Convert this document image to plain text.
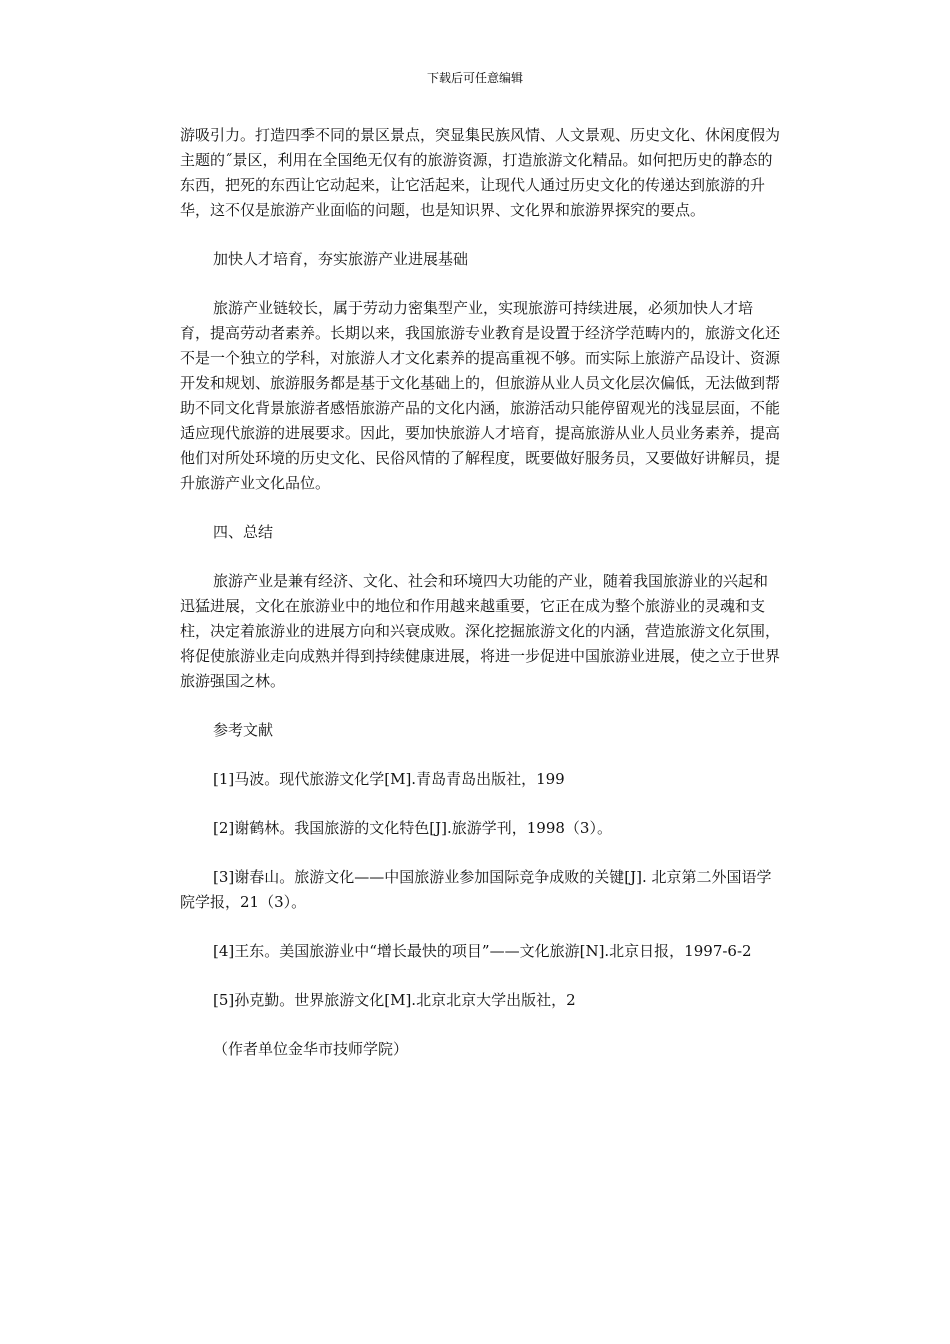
下载后可任意编辑

游吸引力。打造四季不同的景区景点，突显集民族风情、人文景观、历史文化、休闲度假为主题的˝景区，利用在全国绝无仅有的旅游资源，打造旅游文化精品。如何把历史的静态的东西，把死的东西让它动起来，让它活起来，让现代人通过历史文化的传递达到旅游的升华，这不仅是旅游产业面临的问题，也是知识界、文化界和旅游界探究的要点。

加快人才培育，夯实旅游产业进展基础

旅游产业链较长，属于劳动力密集型产业，实现旅游可持续进展，必须加快人才培育，提高劳动者素养。长期以来，我国旅游专业教育是设置于经济学范畴内的，旅游文化还不是一个独立的学科，对旅游人才文化素养的提高重视不够。而实际上旅游产品设计、资源开发和规划、旅游服务都是基于文化基础上的，但旅游从业人员文化层次偏低，无法做到帮助不同文化背景旅游者感悟旅游产品的文化内涵，旅游活动只能停留观光的浅显层面，不能适应现代旅游的进展要求。因此，要加快旅游人才培育，提高旅游从业人员业务素养，提高他们对所处环境的历史文化、民俗风情的了解程度，既要做好服务员，又要做好讲解员，提升旅游产业文化品位。

四、总结

旅游产业是兼有经济、文化、社会和环境四大功能的产业，随着我国旅游业的兴起和迅猛进展，文化在旅游业中的地位和作用越来越重要，它正在成为整个旅游业的灵魂和支柱，决定着旅游业的进展方向和兴衰成败。深化挖掘旅游文化的内涵，营造旅游文化氛围，将促使旅游业走向成熟并得到持续健康进展，将进一步促进中国旅游业进展，使之立于世界旅游强国之林。

参考文献

[1]马波。现代旅游文化学[M].青岛青岛出版社，199

[2]谢鹤林。我国旅游的文化特色[J].旅游学刊，1998（3）。

[3]谢春山。旅游文化——中国旅游业参加国际竞争成败的关键[J]. 北京第二外国语学院学报，21（3）。

[4]王东。美国旅游业中“增长最快的项目”——文化旅游[N].北京日报，1997-6-2

[5]孙克勤。世界旅游文化[M].北京北京大学出版社，2

（作者单位金华市技师学院）
